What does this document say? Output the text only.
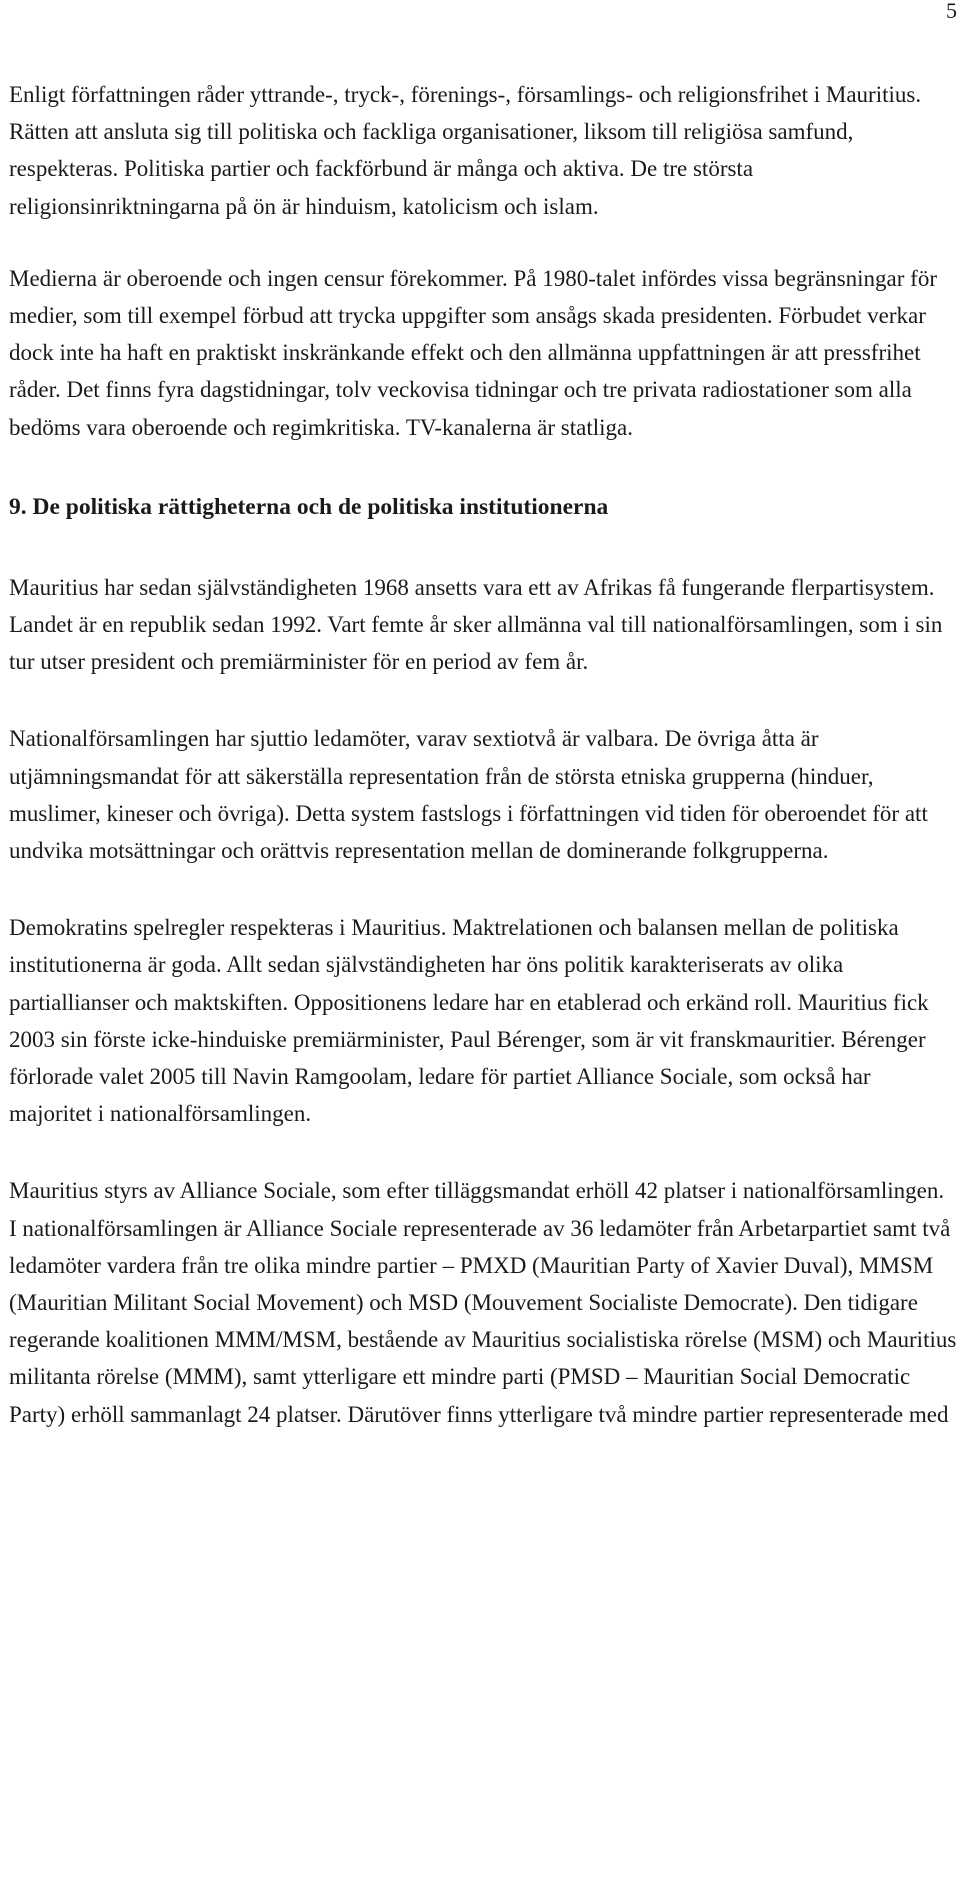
5

Enligt författningen råder yttrande-, tryck-, förenings-, församlings- och religionsfrihet i Mauritius. Rätten att ansluta sig till politiska och fackliga organisationer, liksom till religiösa samfund, respekteras. Politiska partier och fackförbund är många och aktiva. De tre största religionsinriktningarna på ön är hinduism, katolicism och islam.

Medierna är oberoende och ingen censur förekommer. På 1980-talet infördes vissa begränsningar för medier, som till exempel förbud att trycka uppgifter som ansågs skada presidenten. Förbudet verkar dock inte ha haft en praktiskt inskränkande effekt och den allmänna uppfattningen är att pressfrihet råder. Det finns fyra dagstidningar, tolv veckovisa tidningar och tre privata radiostationer som alla bedöms vara oberoende och regimkritiska. TV-kanalerna är statliga.

9. De politiska rättigheterna och de politiska institutionerna

Mauritius har sedan självständigheten 1968 ansetts vara ett av Afrikas få fungerande flerpartisystem. Landet är en republik sedan 1992. Vart femte år sker allmänna val till nationalförsamlingen, som i sin tur utser president och premiärminister för en period av fem år.

Nationalförsamlingen har sjuttio ledamöter, varav sextiotvå är valbara. De övriga åtta är utjämningsmandat för att säkerställa representation från de största etniska grupperna (hinduer, muslimer, kineser och övriga). Detta system fastslogs i författningen vid tiden för oberoendet för att undvika motsättningar och orättvis representation mellan de dominerande folkgrupperna.

Demokratins spelregler respekteras i Mauritius. Maktrelationen och balansen mellan de politiska institutionerna är goda. Allt sedan självständigheten har öns politik karakteriserats av olika partiallianser och maktskiften. Oppositionens ledare har en etablerad och erkänd roll. Mauritius fick 2003 sin förste icke-hinduiske premiärminister, Paul Bérenger, som är vit franskmauritier. Bérenger förlorade valet 2005 till Navin Ramgoolam, ledare för partiet Alliance Sociale, som också har majoritet i nationalförsamlingen.

Mauritius styrs av Alliance Sociale, som efter tilläggsmandat erhöll 42 platser i nationalförsamlingen. I nationalförsamlingen är Alliance Sociale representerade av 36 ledamöter från Arbetarpartiet samt två ledamöter vardera från tre olika mindre partier – PMXD (Mauritian Party of Xavier Duval), MMSM (Mauritian Militant Social Movement) och MSD (Mouvement Socialiste Democrate). Den tidigare regerande koalitionen MMM/MSM, bestående av Mauritius socialistiska rörelse (MSM) och Mauritius militanta rörelse (MMM), samt ytterligare ett mindre parti (PMSD – Mauritian Social Democratic Party) erhöll sammanlagt 24 platser. Därutöver finns ytterligare två mindre partier representerade med
